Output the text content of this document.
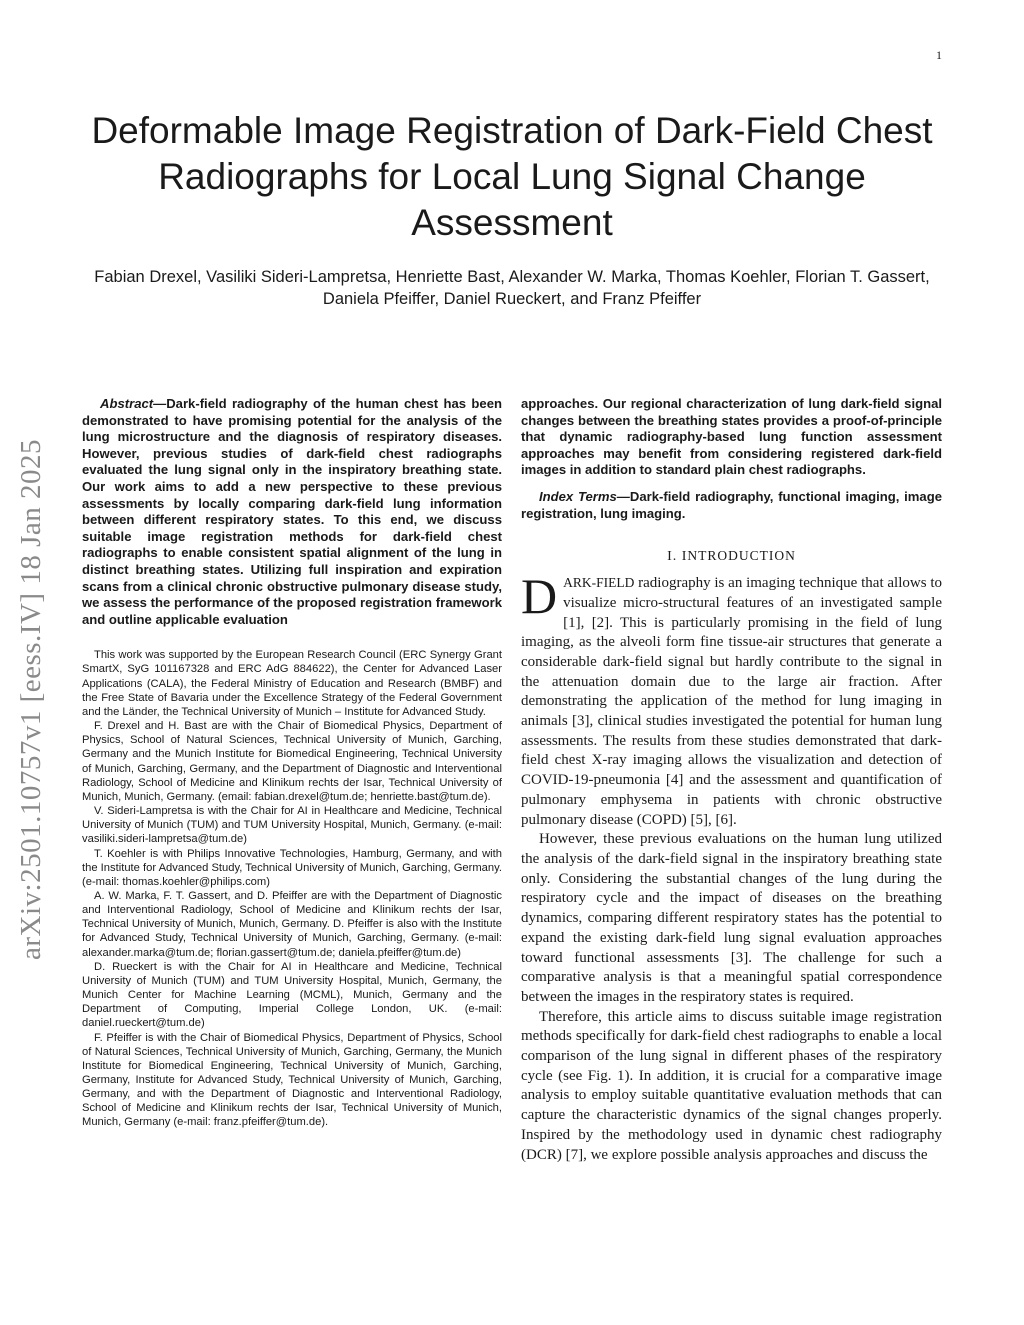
1
arXiv:2501.10757v1 [eess.IV] 18 Jan 2025
Deformable Image Registration of Dark-Field Chest Radiographs for Local Lung Signal Change Assessment

Fabian Drexel, Vasiliki Sideri-Lampretsa, Henriette Bast, Alexander W. Marka, Thomas Koehler, Florian T. Gassert, Daniela Pfeiffer, Daniel Rueckert, and Franz Pfeiffer

Abstract—Dark-field radiography of the human chest has been demonstrated to have promising potential for the analysis of the lung microstructure and the diagnosis of respiratory diseases. However, previous studies of dark-field chest radiographs evaluated the lung signal only in the inspiratory breathing state. Our work aims to add a new perspective to these previous assessments by locally comparing dark-field lung information between different respiratory states. To this end, we discuss suitable image registration methods for dark-field chest radiographs to enable consistent spatial alignment of the lung in distinct breathing states. Utilizing full inspiration and expiration scans from a clinical chronic obstructive pulmonary disease study, we assess the performance of the proposed registration framework and outline applicable evaluation

This work was supported by the European Research Council (ERC Synergy Grant SmartX, SyG 101167328 and ERC AdG 884622), the Center for Advanced Laser Applications (CALA), the Federal Ministry of Education and Research (BMBF) and the Free State of Bavaria under the Excellence Strategy of the Federal Government and the Länder, the Technical University of Munich – Institute for Advanced Study.

F. Drexel and H. Bast are with the Chair of Biomedical Physics, Department of Physics, School of Natural Sciences, Technical University of Munich, Garching, Germany and the Munich Institute for Biomedical Engineering, Technical University of Munich, Garching, Germany, and the Department of Diagnostic and Interventional Radiology, School of Medicine and Klinikum rechts der Isar, Technical University of Munich, Munich, Germany. (email: fabian.drexel@tum.de; henriette.bast@tum.de).

V. Sideri-Lampretsa is with the Chair for AI in Healthcare and Medicine, Technical University of Munich (TUM) and TUM University Hospital, Munich, Germany. (e-mail: vasiliki.sideri-lampretsa@tum.de)

T. Koehler is with Philips Innovative Technologies, Hamburg, Germany, and with the Institute for Advanced Study, Technical University of Munich, Garching, Germany. (e-mail: thomas.koehler@philips.com)

A. W. Marka, F. T. Gassert, and D. Pfeiffer are with the Department of Diagnostic and Interventional Radiology, School of Medicine and Klinikum rechts der Isar, Technical University of Munich, Munich, Germany. D. Pfeiffer is also with the Institute for Advanced Study, Technical University of Munich, Garching, Germany. (e-mail: alexander.marka@tum.de; florian.gassert@tum.de; daniela.pfeiffer@tum.de)

D. Rueckert is with the Chair for AI in Healthcare and Medicine, Technical University of Munich (TUM) and TUM University Hospital, Munich, Germany, the Munich Center for Machine Learning (MCML), Munich, Germany and the Department of Computing, Imperial College London, UK. (e-mail: daniel.rueckert@tum.de)

F. Pfeiffer is with the Chair of Biomedical Physics, Department of Physics, School of Natural Sciences, Technical University of Munich, Garching, Germany, the Munich Institute for Biomedical Engineering, Technical University of Munich, Garching, Germany, Institute for Advanced Study, Technical University of Munich, Garching, Germany, and with the Department of Diagnostic and Interventional Radiology, School of Medicine and Klinikum rechts der Isar, Technical University of Munich, Munich, Germany (e-mail: franz.pfeiffer@tum.de).

approaches. Our regional characterization of lung dark-field signal changes between the breathing states provides a proof-of-principle that dynamic radiography-based lung function assessment approaches may benefit from considering registered dark-field images in addition to standard plain chest radiographs.

Index Terms—Dark-field radiography, functional imaging, image registration, lung imaging.

I. INTRODUCTION

DARK-FIELD radiography is an imaging technique that allows to visualize micro-structural features of an investigated sample [1], [2]. This is particularly promising in the field of lung imaging, as the alveoli form fine tissue-air structures that generate a considerable dark-field signal but hardly contribute to the signal in the attenuation domain due to the large air fraction. After demonstrating the application of the method for lung imaging in animals [3], clinical studies investigated the potential for human lung assessments. The results from these studies demonstrated that dark-field chest X-ray imaging allows the visualization and detection of COVID-19-pneumonia [4] and the assessment and quantification of pulmonary emphysema in patients with chronic obstructive pulmonary disease (COPD) [5], [6].

However, these previous evaluations on the human lung utilized the analysis of the dark-field signal in the inspiratory breathing state only. Considering the substantial changes of the lung during the respiratory cycle and the impact of diseases on the breathing dynamics, comparing different respiratory states has the potential to expand the existing dark-field lung signal evaluation approaches toward functional assessments [3]. The challenge for such a comparative analysis is that a meaningful spatial correspondence between the images in the respiratory states is required.

Therefore, this article aims to discuss suitable image registration methods specifically for dark-field chest radiographs to enable a local comparison of the lung signal in different phases of the respiratory cycle (see Fig. 1). In addition, it is crucial for a comparative image analysis to employ suitable quantitative evaluation methods that can capture the characteristic dynamics of the signal changes properly. Inspired by the methodology used in dynamic chest radiography (DCR) [7], we explore possible analysis approaches and discuss the
